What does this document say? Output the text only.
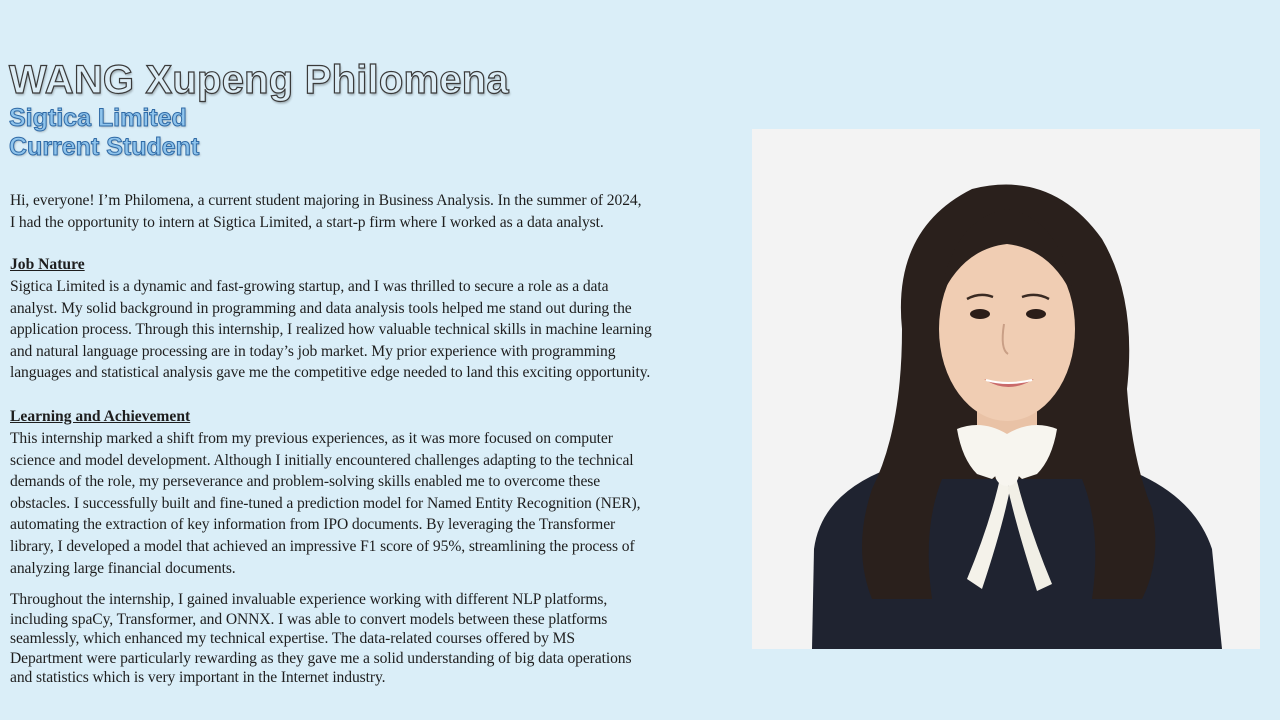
WANG Xupeng Philomena
Sigtica Limited
Current Student
Hi, everyone! I’m Philomena, a current student majoring in Business Analysis. In the summer of 2024,
I had the opportunity to intern at Sigtica Limited, a start-p firm where I worked as a data analyst.
Job Nature
Sigtica Limited is a dynamic and fast-growing startup, and I was thrilled to secure a role as a data
analyst. My solid background in programming and data analysis tools helped me stand out during the
application process. Through this internship, I realized how valuable technical skills in machine learning
and natural language processing are in today’s job market. My prior experience with programming
languages and statistical analysis gave me the competitive edge needed to land this exciting opportunity.
Learning and Achievement
This internship marked a shift from my previous experiences, as it was more focused on computer
science and model development. Although I initially encountered challenges adapting to the technical
demands of the role, my perseverance and problem-solving skills enabled me to overcome these
obstacles. I successfully built and fine-tuned a prediction model for Named Entity Recognition (NER),
automating the extraction of key information from IPO documents. By leveraging the Transformer
library, I developed a model that achieved an impressive F1 score of 95%, streamlining the process of
analyzing large financial documents.
Throughout the internship, I gained invaluable experience working with different NLP platforms,
including spaCy, Transformer, and ONNX. I was able to convert models between these platforms
seamlessly, which enhanced my technical expertise. The data-related courses offered by MS
Department were particularly rewarding as they gave me a solid understanding of big data operations
and statistics which is very important in the Internet industry.
